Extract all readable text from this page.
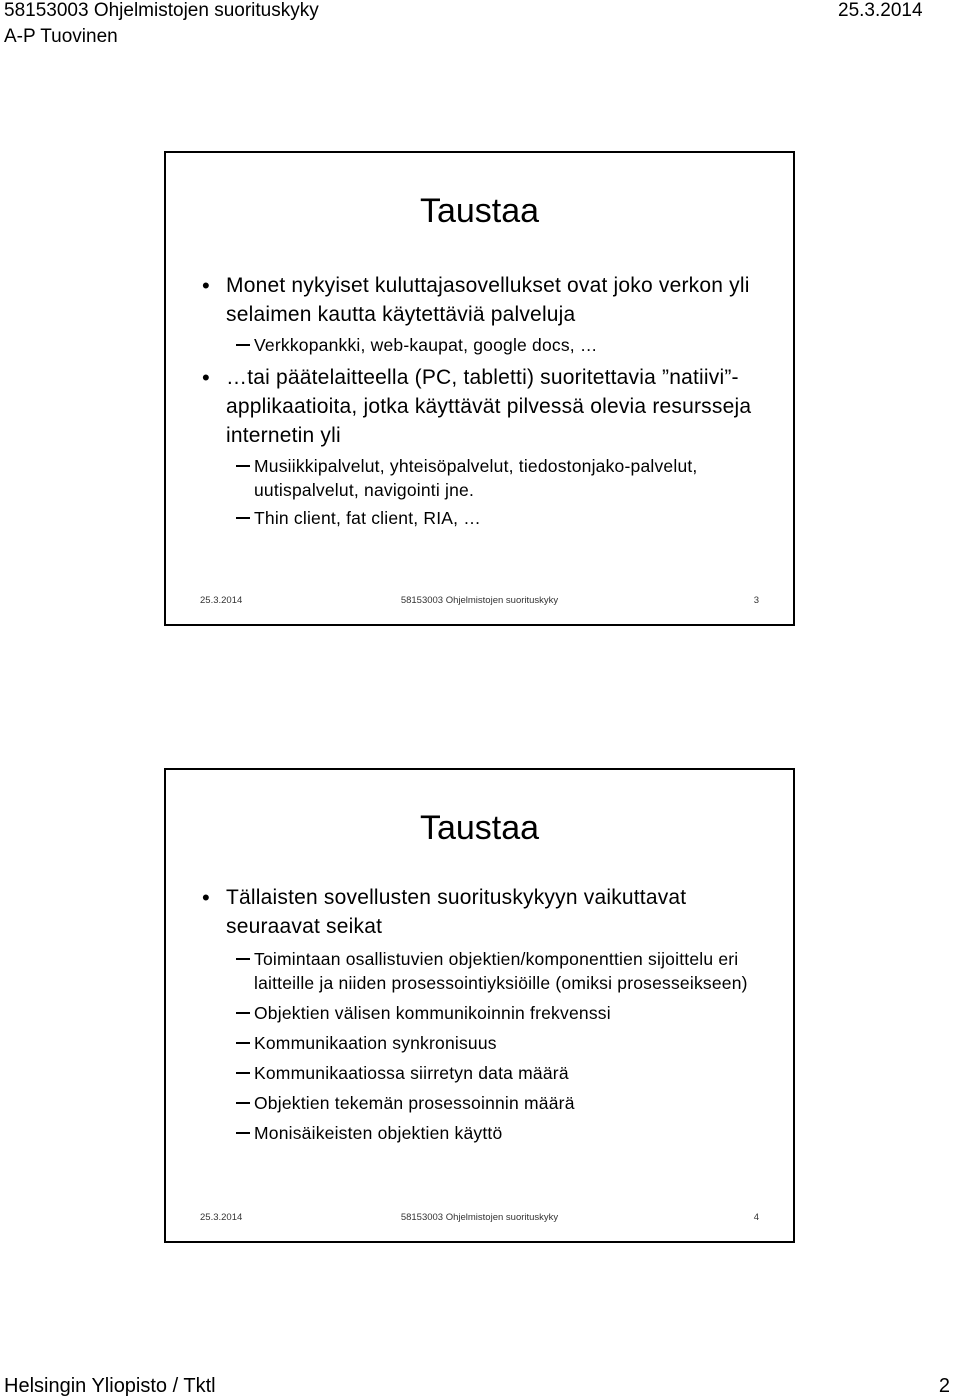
58153003 Ohjelmistojen suorituskyky	25.3.2014
A-P Tuovinen
Taustaa
• Monet nykyiset kuluttajasovellukset ovat joko verkon yli selaimen kautta käytettäviä palveluja
Verkkopankki, web-kaupat, google docs, …
• …tai päätelaitteella (PC, tabletti) suoritettavia ”natiivi”-applikaatioita, jotka käyttävät pilvessä olevia resursseja internetin yli
Musiikkipalvelut, yhteisöpalvelut, tiedostonjako-palvelut, uutispalvelut, navigointi jne.
Thin client, fat client, RIA, …
25.3.2014	58153003 Ohjelmistojen suorituskyky	3
Taustaa
• Tällaisten sovellusten suorituskykyyn vaikuttavat seuraavat seikat
Toimintaan osallistuvien objektien/komponenttien sijoittelu eri laitteille ja niiden prosessointiyksiöille (omiksi prosesseikseen)
Objektien välisen kommunikoinnin frekvenssi
Kommunikaation synkronisuus
Kommunikaatiossa siirretyn data määrä
Objektien tekemän prosessoinnin määrä
Monisäikeisten objektien käyttö
25.3.2014	58153003 Ohjelmistojen suorituskyky	4
Helsingin Yliopisto / Tktl	2
